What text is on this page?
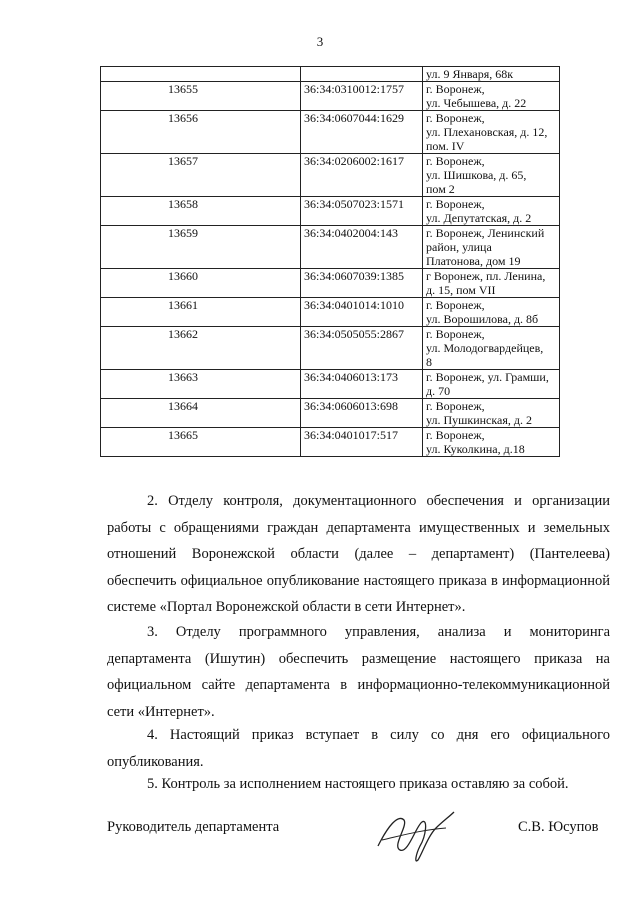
3

		ул. 9 Января, 68к

13655	36:34:0310012:1757	г. Воронеж,
ул. Чебышева, д. 22

13656	36:34:0607044:1629	г. Воронеж,
ул. Плехановская, д. 12,
пом. IV

13657	36:34:0206002:1617	г. Воронеж,
ул. Шишкова, д. 65,
пом 2

13658	36:34:0507023:1571	г. Воронеж,
ул. Депутатская, д. 2

13659	36:34:0402004:143	г. Воронеж, Ленинский
район, улица
Платонова, дом 19

13660	36:34:0607039:1385	г Воронеж, пл. Ленина,
д. 15, пом VII

13661	36:34:0401014:1010	г. Воронеж,
ул. Ворошилова, д. 8б

13662	36:34:0505055:2867	г. Воронеж,
ул. Молодогвардейцев,
8

13663	36:34:0406013:173	г. Воронеж, ул. Грамши,
д. 70

13664	36:34:0606013:698	г. Воронеж,
ул. Пушкинская, д. 2

13665	36:34:0401017:517	г. Воронеж,
ул. Куколкина, д.18

2. Отделу контроля, документационного обеспечения и организации работы с обращениями граждан департамента имущественных и земельных отношений Воронежской области (далее – департамент) (Пантелеева) обеспечить официальное опубликование настоящего приказа в информационной системе «Портал Воронежской области в сети Интернет».

3. Отделу программного управления, анализа и мониторинга департамента (Ишутин) обеспечить размещение настоящего приказа на официальном сайте департамента в информационно-телекоммуникационной сети «Интернет».

4. Настоящий приказ вступает в силу со дня его официального опубликования.

5. Контроль за исполнением настоящего приказа оставляю за собой.

Руководитель департамента	С.В. Юсупов
